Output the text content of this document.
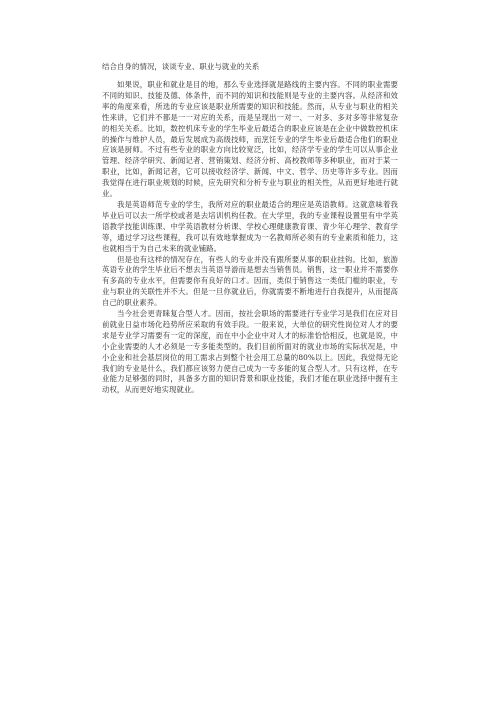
结合自身的情况，谈谈专业、职业与就业的关系

如果说，职业和就业是目的地，那么专业选择就是路线的主要内容。不同的职业需要不同的知识、技能及德、体条件，而不同的知识和技能则是专业的主要内容。从经济和效率的角度来看，所选的专业应该是职业所需要的知识和技能。然而，从专业与职业的相关性来讲，它们并不都是一一对应的关系，而是呈现出一对一、一对多、多对多等非常复杂的相关关系。比如，数控机床专业的学生毕业后最适合的职业应该是在企业中做数控机床的操作与维护人员，最后发展成为高级技师，而烹饪专业的学生毕业后最适合他们的职业应该是厨师。不过有些专业的职业方向比较宽泛，比如，经济学专业的学生可以从事企业管理、经济学研究、新闻记者、营销策划、经济分析、高校教师等多种职业，而对于某一职业，比如，新闻记者，它可以接收经济学、新闻、中文、哲学、历史等许多专业。因而我觉得在进行职业规划的时候，应先研究和分析专业与职业的相关性，从而更好地进行就业。

我是英语师范专业的学生，我所对应的职业最适合的理应是英语教师。这就意味着我毕业后可以去一所学校或者是去培训机构任教。在大学里，我的专业课程设置里有中学英语教学技能训练课、中学英语教材分析课、学校心理健康教育课、青少年心理学、教育学等，通过学习这些课程，我可以有效地掌握成为一名教师所必须有的专业素质和能力，这也就相当于为自己未来的就业铺路。

但是也有这样的情况存在，有些人的专业并没有跟所要从事的职业挂钩。比如，旅游英语专业的学生毕业后不想去当英语导游而是想去当销售员。销售，这一职业并不需要你有多高的专业水平，但需要你有良好的口才。因而，类似于销售这一类低门槛的职业，专业与职业的关联性并不大。但是一旦你就业后，你就需要不断地进行自我提升，从而提高自己的职业素养。

当今社会更青睐复合型人才。因而，按社会职场的需要进行专业学习是我们在应对目前就业日益市场化趋势所应采取的有效手段。一般来说，大单位的研究性岗位对人才的要求是专业学习需要有一定的深度，而在中小企业中对人才的标准恰恰相反，也就是说，中小企业需要的人才必须是一专多能类型的。我们目前所面对的就业市场的实际状况是，中小企业和社会基层岗位的用工需求占到整个社会用工总量的80%以上。因此，我觉得无论我们的专业是什么，我们都应该努力使自己成为一专多能的复合型人才。只有这样，在专业能力足够强的同时，具备多方面的知识背景和职业技能，我们才能在职业选择中握有主动权，从而更好地实现就业。
